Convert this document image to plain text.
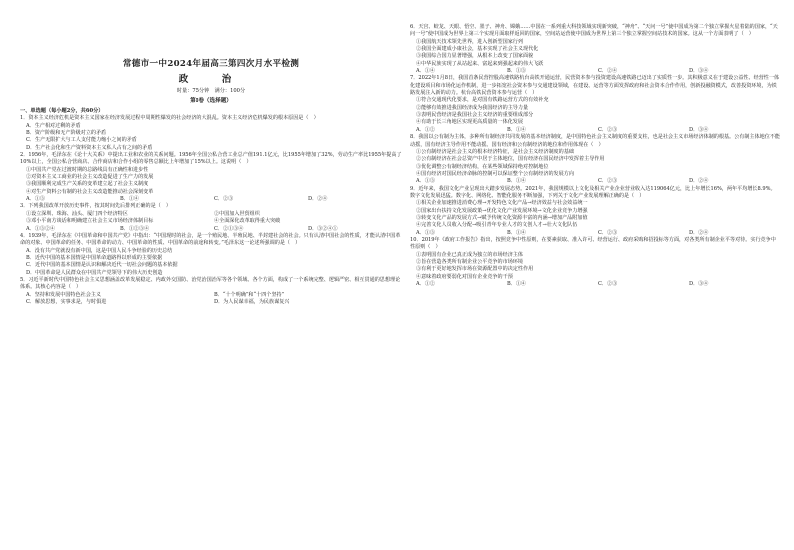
常德市一中2024年届高三第四次月水平检测
政　治
时量：75分钟　满分：100分
第Ⅰ卷（选择题）
一、单选题（每小题2分，共60分）

1．资本主义经济危机是资本主义国家在经济发展过程中周期性爆发的社会经济的大混乱。资本主义经济危机爆发的根本原因是（　）

A．生产相对过剩的矛盾

B．资产阶级和无产阶级对立的矛盾

C．生产无限扩大与工人支付能力缩小之间的矛盾

D．生产社会化和生产资料资本主义私人占有之间的矛盾

2．1956年，毛泽东在《论十大关系》中提出工业和农业的关系问题。1956年全国公私合营工业总产值191.1亿元，比1955年增加了32%，劳动生产率比1955年提高了10%以上，全国公私合营商店、合作商店和合作小组的零售总额比上年增加了15%以上。这说明（　）

①中国共产党在过渡时期的总路线具有正确性和进步性

②对资本主义工商业的社会主义改造促进了生产力的发展

③我国顺利完成生产关系的变革建立起了社会主义制度

④对生产资料公有制的社会主义改造能推动社会深刻变革

A．①③	B．①④	C．②③	D．②④

3．下列我国改革开放历史事件，按其时间先后排列正确的是（　）

①设立深圳、珠海、汕头、厦门四个经济特区	②中国加入世贸组织
③邓小平南方谈话和明确建立社会主义市场经济体制目标	④全面深化改革取得重大突破
A．①③②④	B．①②③④	C．②①③④	D．③②④①

4．1939年，毛泽东在《中国革命和中国共产党》中指出：“中国现时的社会，是一个殖民地、半殖民地、半封建社会的社会。只有认清中国社会的性质，才能认清中国革命的对象、中国革命的任务、中国革命的动力、中国革命的性质、中国革命的前途和转变。”毛泽东这一论述所强调的是（　）

A．没有共产党就没有新中国，这是中国人民斗争经验的历史总结

B．近代中国的基本国情是中国革命道路得以形成的主要依据

C．近代中国的基本国情是认识和解决近代一切社会问题的基本依据

D．中国革命是人民群众在中国共产党领导下的伟大历史创造

5．习近平新时代中国特色社会主义思想涵盖改革发展稳定、内政外交国防、治党治国治军等各个领域、各个方面，构成了一个系统完整、逻辑严密、相互贯通的思想理论体系。其核心内容是（　）

A．坚持和发展中国特色社会主义	B．“十个明确”和“十四个坚持”
C．解放思想，实事求是，与时俱进	D．为人民谋幸福，为民族谋复兴

6．天宫、蛟龙、天眼、悟空、墨子、神舟、嫦娥……中国在一系列重大科技领域实现新突破，“神舟”、“天问一号”使中国成为第二个独立掌握火星着陆的国家，“天问一号”使中国成为世界上第三个实现月面取样返回的国家，空间站运营使中国成为世界上第三个独立掌握空间站技术的国家。这从一个方面表明了（　）

①我国航天技术领先世界，进入创新型国家行列

②我国全面建成小康社会，基本实现了社会主义现代化

③我国综合国力显著增强，从根本上改变了国家面貌

④中华民族实现了从站起来、富起来到强起来的伟大飞跃

A．①④	B．①③	C．②④	D．③④

7．2022年1月8日，我国首条民营控股高速铁路杭台高铁开通运营，民营资本参与投资建设高速铁路已迈出了实质性一步。其积极意义在于建设公益性、经营性一体化建设项目和市场化运作机制，进一步拓宽社会资本参与交通建设领域，在建设、运营等方面发挥政府和社会资本合作作用，创新投融资模式，改善投资环境，为铁路发展注入新的动力。杭台高铁民营资本参与运营（　）

①符合交通现代化要求，是对国有铁路运营方式的有效补充

②能够有效推进我国经济成为我国经济的主导力量

③表明民营经济是我国社会主义经济的重要组成部分

④有助于长三角地区实现更高质量的一体化发展

A．①②	B．①④	C．②③	D．③④

8．我国以公有制为主体，多种所有制经济共同发展的基本经济制度，是中国特色社会主义制度的重要支柱，也是社会主义市场经济体制的根基。公有制主体地位不能动摇，国有经济主导作用不能动摇。国有经济和公有制经济的地位和作用体现在（　）

①公有制经济是社会主义的根本经济特征，是社会主义经济制度的基础

②公有制经济在社会总资产中居于主体地位，国有经济在国民经济中发挥着主导作用

③优化调整公有制经济结构，在某些领域保持绝对控制地位

④国有经济对国民经济命脉的控制可以保证整个公有制经济的发展方向

A．①③	B．①④	C．②③	D．②④

9．近年来，我国文化产业呈现出大踏步发展态势。2021年，我国规模以上文化及相关产业企业营业收入达119064亿元，比上年增长16%，两年平均增长8.9%。数字文化发展迅猛。数字化、网络化、智能化服务不断加强，下列关于文化产业发展理解正确的是（　）

①相关企业加速推进消费心理→开发特色文化产品→经济效益与社会效益统一

②国家出台扶持文化发展政策→优化文化产业发展环境→文化企业竞争力增强

③转变文化产品的发展方式→赋予传统文化资源丰富的内涵→增加产品附加值

④完善文化人员收入分配→吸引青年专业人才的文创人才→壮大文化队伍

A．①③	B．①④	C．②③	D．②④

10．2019年《政府工作报告》指出，按照竞争中性原则，在要素获取、准入许可、经营运行、政府采购和招投标等方面，对各类所有制企业平等对待。实行竞争中性原则（　）

①表明国有企业已真正成为独立的市场经济主体

②旨在营造各类所有制企业公平竞争的市场环境

③有利于更好地发挥市场在资源配置中的决定性作用

④意味着政府要弱化对国有企业竞争的干预

A．①②	B．①④	C．②③	D．③④
